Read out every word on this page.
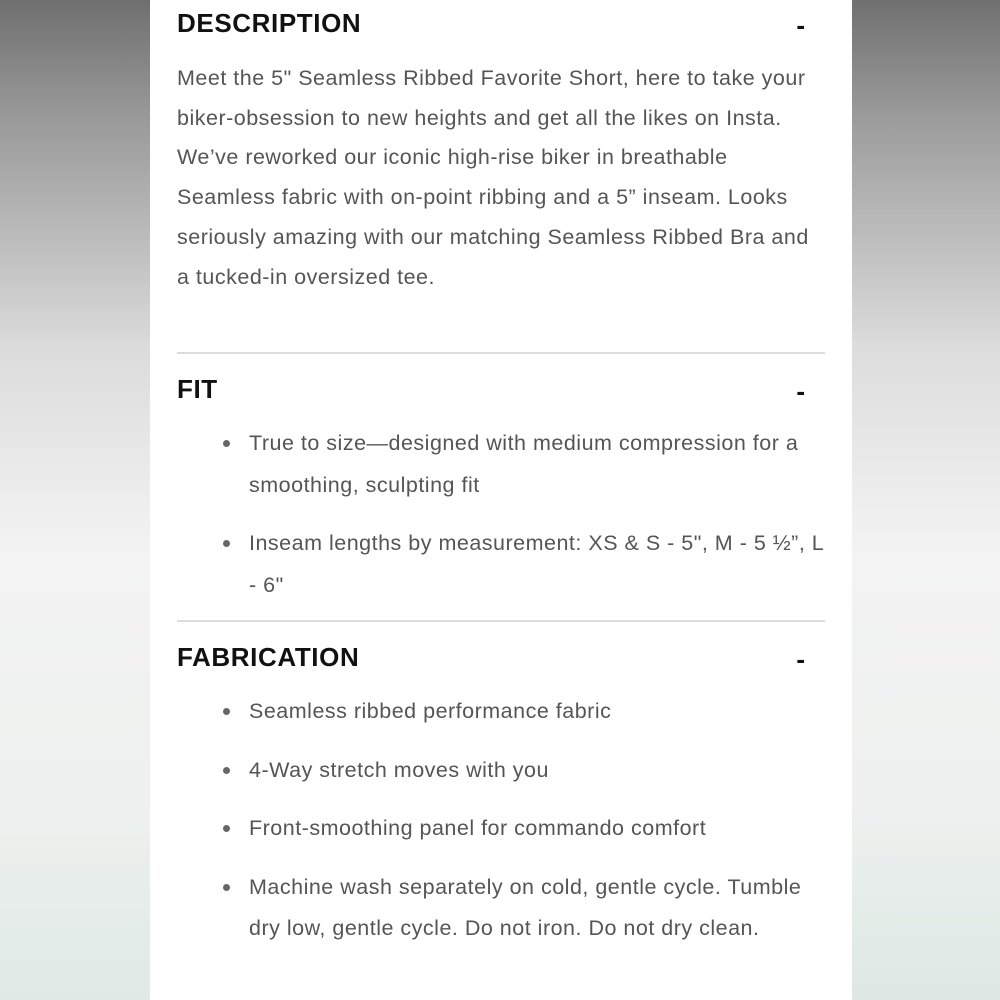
DESCRIPTION	-

Meet the 5" Seamless Ribbed Favorite Short, here to take your biker-obsession to new heights and get all the likes on Insta. We’ve reworked our iconic high-rise biker in breathable Seamless fabric with on-point ribbing and a 5” inseam. Looks seriously amazing with our matching Seamless Ribbed Bra and a tucked-in oversized tee.

FIT	-
True to size—designed with medium compression for a smoothing, sculpting fit
Inseam lengths by measurement: XS & S - 5", M - 5 ½”, L - 6"
FABRICATION	-
Seamless ribbed performance fabric
4-Way stretch moves with you
Front-smoothing panel for commando comfort
Machine wash separately on cold, gentle cycle. Tumble dry low, gentle cycle. Do not iron. Do not dry clean.
